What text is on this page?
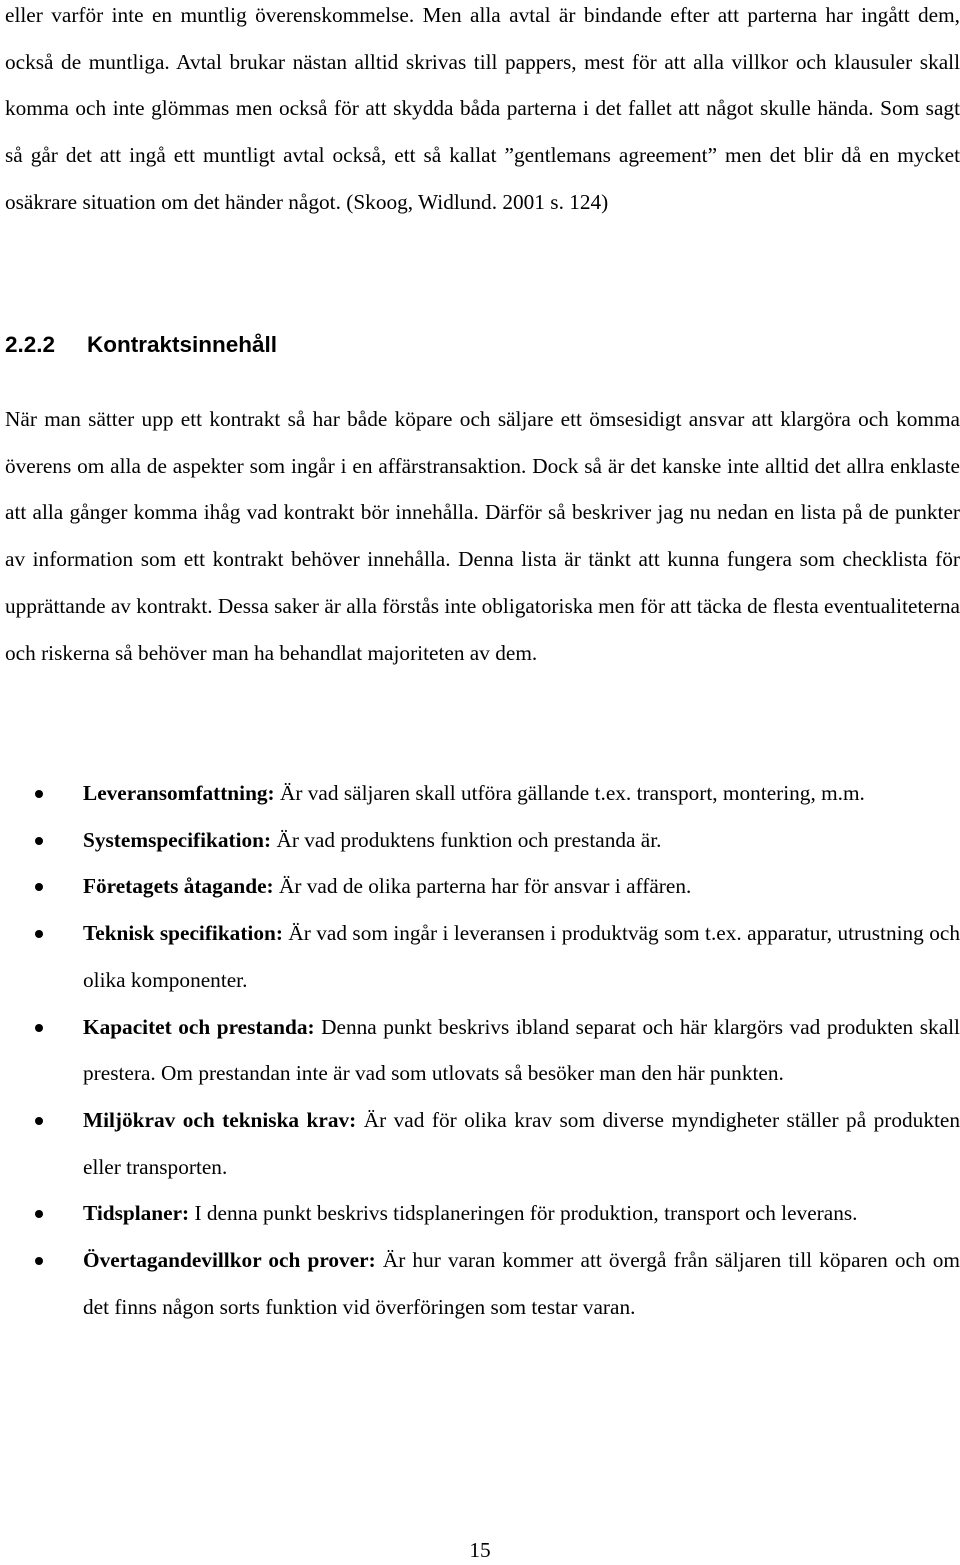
eller varför inte en muntlig överenskommelse. Men alla avtal är bindande efter att parterna har ingått dem, också de muntliga. Avtal brukar nästan alltid skrivas till pappers, mest för att alla villkor och klausuler skall komma och inte glömmas men också för att skydda båda parterna i det fallet att något skulle hända. Som sagt så går det att ingå ett muntligt avtal också, ett så kallat ”gentlemans agreement” men det blir då en mycket osäkrare situation om det händer något. (Skoog, Widlund. 2001 s. 124)

2.2.2 Kontraktsinnehåll

När man sätter upp ett kontrakt så har både köpare och säljare ett ömsesidigt ansvar att klargöra och komma överens om alla de aspekter som ingår i en affärstransaktion. Dock så är det kanske inte alltid det allra enklaste att alla gånger komma ihåg vad kontrakt bör innehålla. Därför så beskriver jag nu nedan en lista på de punkter av information som ett kontrakt behöver innehålla. Denna lista är tänkt att kunna fungera som checklista för upprättande av kontrakt. Dessa saker är alla förstås inte obligatoriska men för att täcka de flesta eventualiteterna och riskerna så behöver man ha behandlat majoriteten av dem.

Leveransomfattning: Är vad säljaren skall utföra gällande t.ex. transport, montering, m.m.
Systemspecifikation: Är vad produktens funktion och prestanda är.
Företagets åtagande: Är vad de olika parterna har för ansvar i affären.
Teknisk specifikation: Är vad som ingår i leveransen i produktväg som t.ex. apparatur, utrustning och olika komponenter.
Kapacitet och prestanda: Denna punkt beskrivs ibland separat och här klargörs vad produkten skall prestera. Om prestandan inte är vad som utlovats så besöker man den här punkten.
Miljökrav och tekniska krav: Är vad för olika krav som diverse myndigheter ställer på produkten eller transporten.
Tidsplaner: I denna punkt beskrivs tidsplaneringen för produktion, transport och leverans.
Övertagandevillkor och prover: Är hur varan kommer att övergå från säljaren till köparen och om det finns någon sorts funktion vid överföringen som testar varan.
15
